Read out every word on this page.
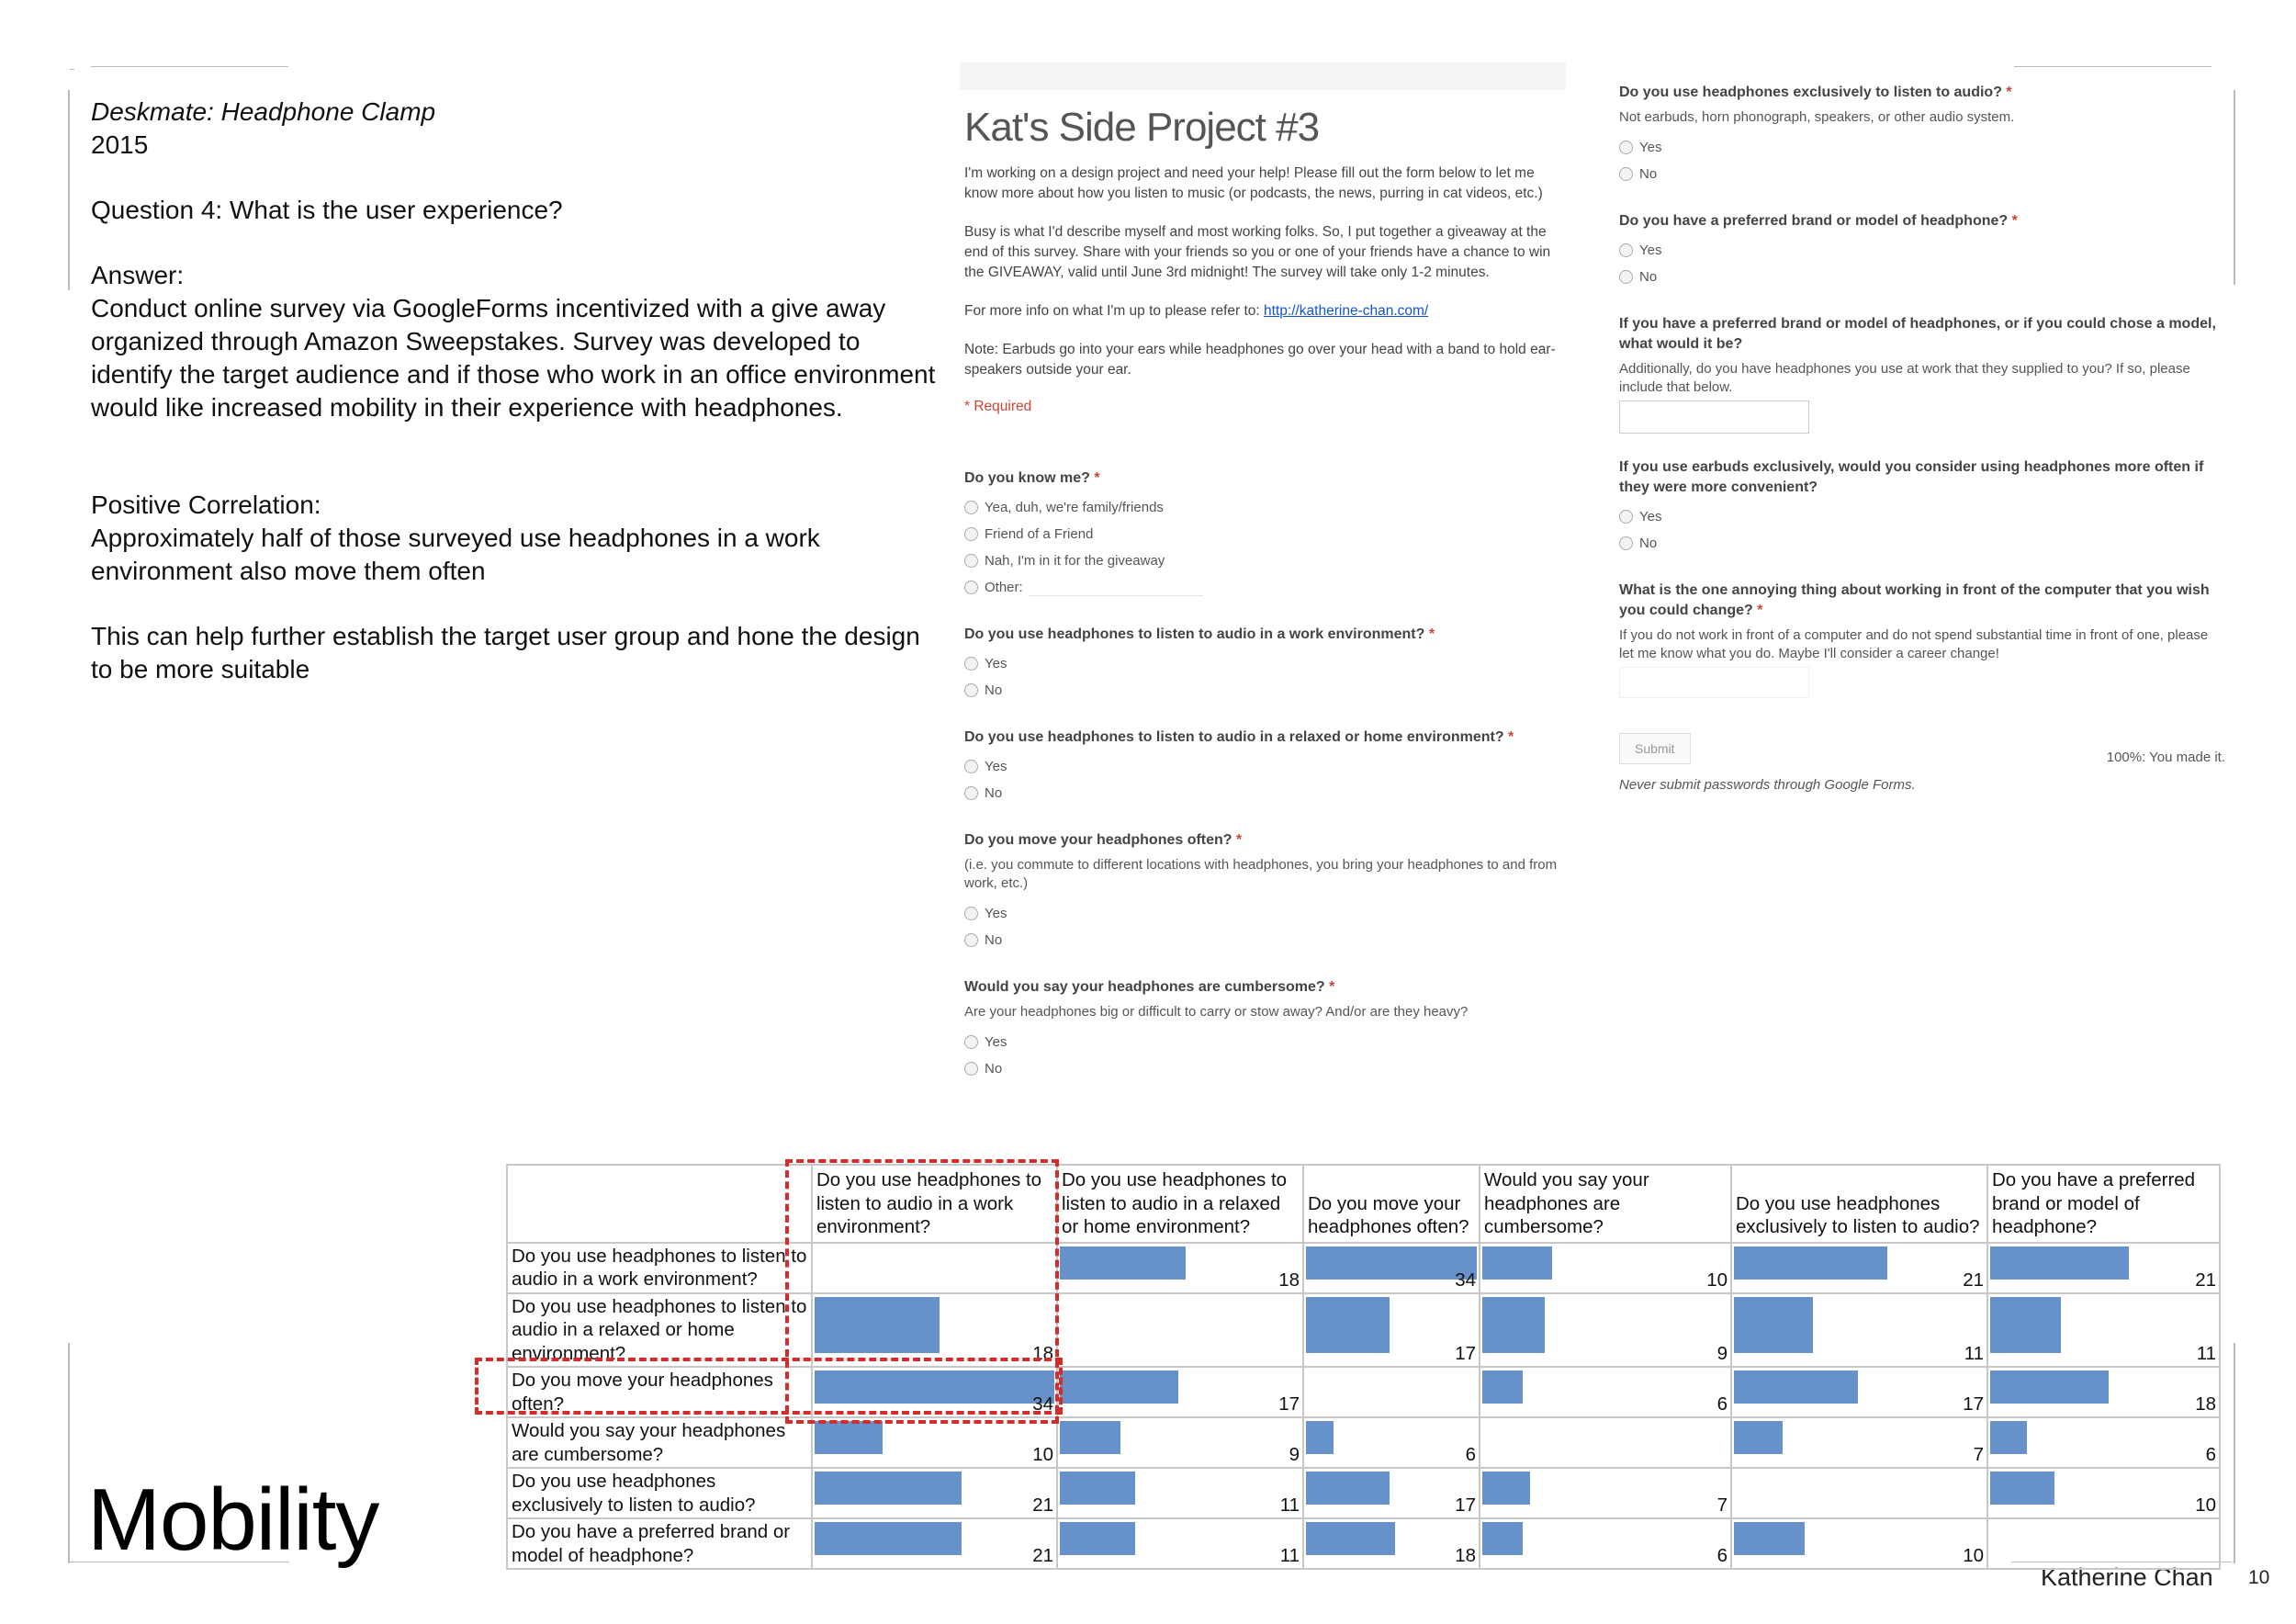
Deskmate: Headphone Clamp

2015

Question 4: What is the user experience?

Answer:

Conduct online survey via GoogleForms incentivized with a give away organized through Amazon Sweepstakes. Survey was developed to identify the target audience and if those who work in an office environment would like increased mobility in their experience with headphones.

Positive Correlation:

Approximately half of those surveyed use headphones in a work environment also move them often

This can help further establish the target user group and hone the design to be more suitable

Mobility
Katherine Chan 10
Kat's Side Project #3

I'm working on a design project and need your help! Please fill out the form below to let me know more about how you listen to music (or podcasts, the news, purring in cat videos, etc.)

Busy is what I'd describe myself and most working folks. So, I put together a giveaway at the end of this survey. Share with your friends so you or one of your friends have a chance to win the GIVEAWAY, valid until June 3rd midnight! The survey will take only 1-2 minutes.

For more info on what I'm up to please refer to: http://katherine-chan.com/

Note: Earbuds go into your ears while headphones go over your head with a band to hold ear-speakers outside your ear.

* Required

Do you know me? *

Yea, duh, we're family/friends
Friend of a Friend
Nah, I'm in it for the giveaway
Other:

Do you use headphones to listen to audio in a work environment? *

Yes
No

Do you use headphones to listen to audio in a relaxed or home environment? *

Yes
No

Do you move your headphones often? *

(i.e. you commute to different locations with headphones, you bring your headphones to and from work, etc.)

Yes
No

Would you say your headphones are cumbersome? *

Are your headphones big or difficult to carry or stow away? And/or are they heavy?

Yes
No

Do you use headphones exclusively to listen to audio? *

Not earbuds, horn phonograph, speakers, or other audio system.

Yes
No

Do you have a preferred brand or model of headphone? *

Yes
No

If you have a preferred brand or model of headphones, or if you could chose a model, what would it be?

Additionally, do you have headphones you use at work that they supplied to you? If so, please include that below.

If you use earbuds exclusively, would you consider using headphones more often if they were more convenient?

Yes
No

What is the one annoying thing about working in front of the computer that you wish you could change? *

If you do not work in front of a computer and do not spend substantial time in front of one, please let me know what you do. Maybe I'll consider a career change!

Submit
100%: You made it.
Never submit passwords through Google Forms.
	Do you use headphones to listen to audio in a work environment?	Do you use headphones to listen to audio in a relaxed or home environment?	Do you move your headphones often?	Would you say your headphones are cumbersome?	Do you use headphones exclusively to listen to audio?	Do you have a preferred brand or model of headphone?
Do you use headphones to listen to audio in a work environment?		18	34	10	21	21

Do you use headphones to listen to audio in a relaxed or home environment?	18		17	9	11	11

Do you move your headphones often?	34	17		6	17	18

Would you say your headphones are cumbersome?	10	9	6		7	6

Do you use headphones exclusively to listen to audio?	21	11	17	7		10

Do you have a preferred brand or model of headphone?	21	11	18	6	10	
